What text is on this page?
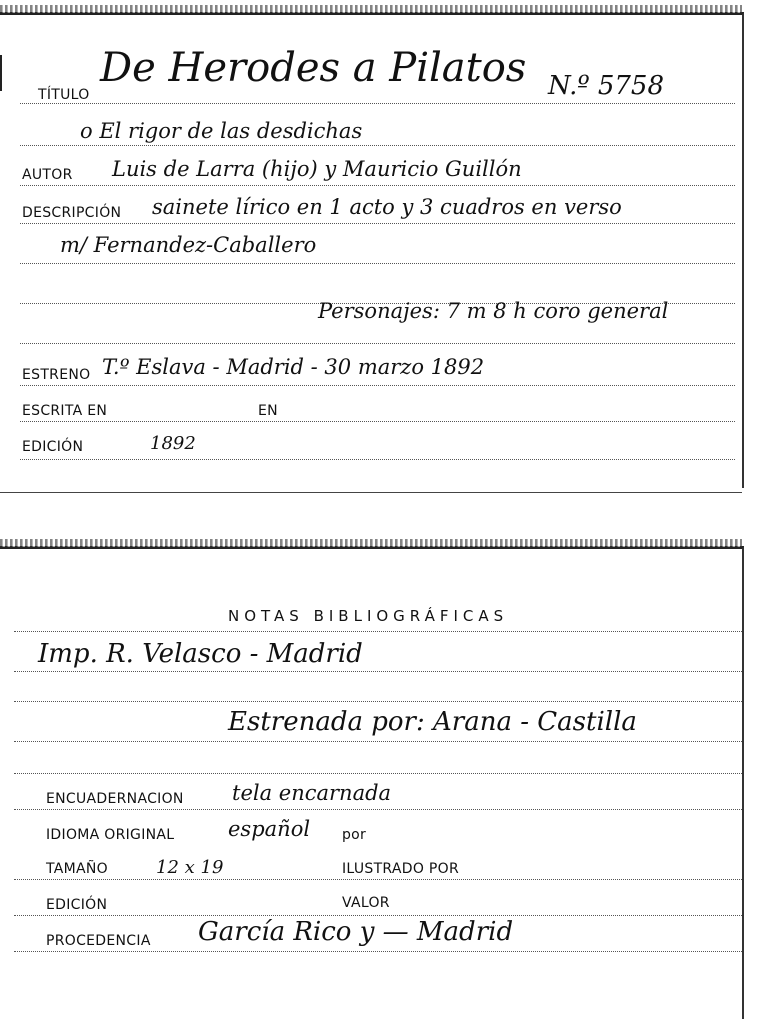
TÍTULO
De Herodes a Pilatos N.º 5758
o El rigor de las desdichas
AUTOR Luis de Larra (hijo) y Mauricio Guillón
DESCRIPCIÓN sainete lírico en 1 acto y 3 cuadros en verso
m/ Fernandez-Caballero
Personajes: 7 m 8 h coro general
ESTRENO T.º Eslava - Madrid - 30 marzo 1892
ESCRITA EN	EN
EDICIÓN	1892
NOTAS BIBLIOGRÁFICAS
Imp. R. Velasco - Madrid
Estrenada por: Arana - Castilla
ENCUADERNACION tela encarnada
IDIOMA ORIGINAL	español por
TAMAÑO	12 x 19	ILUSTRADO POR
EDICIÓN	VALOR
PROCEDENCIA García Rico y — Madrid
